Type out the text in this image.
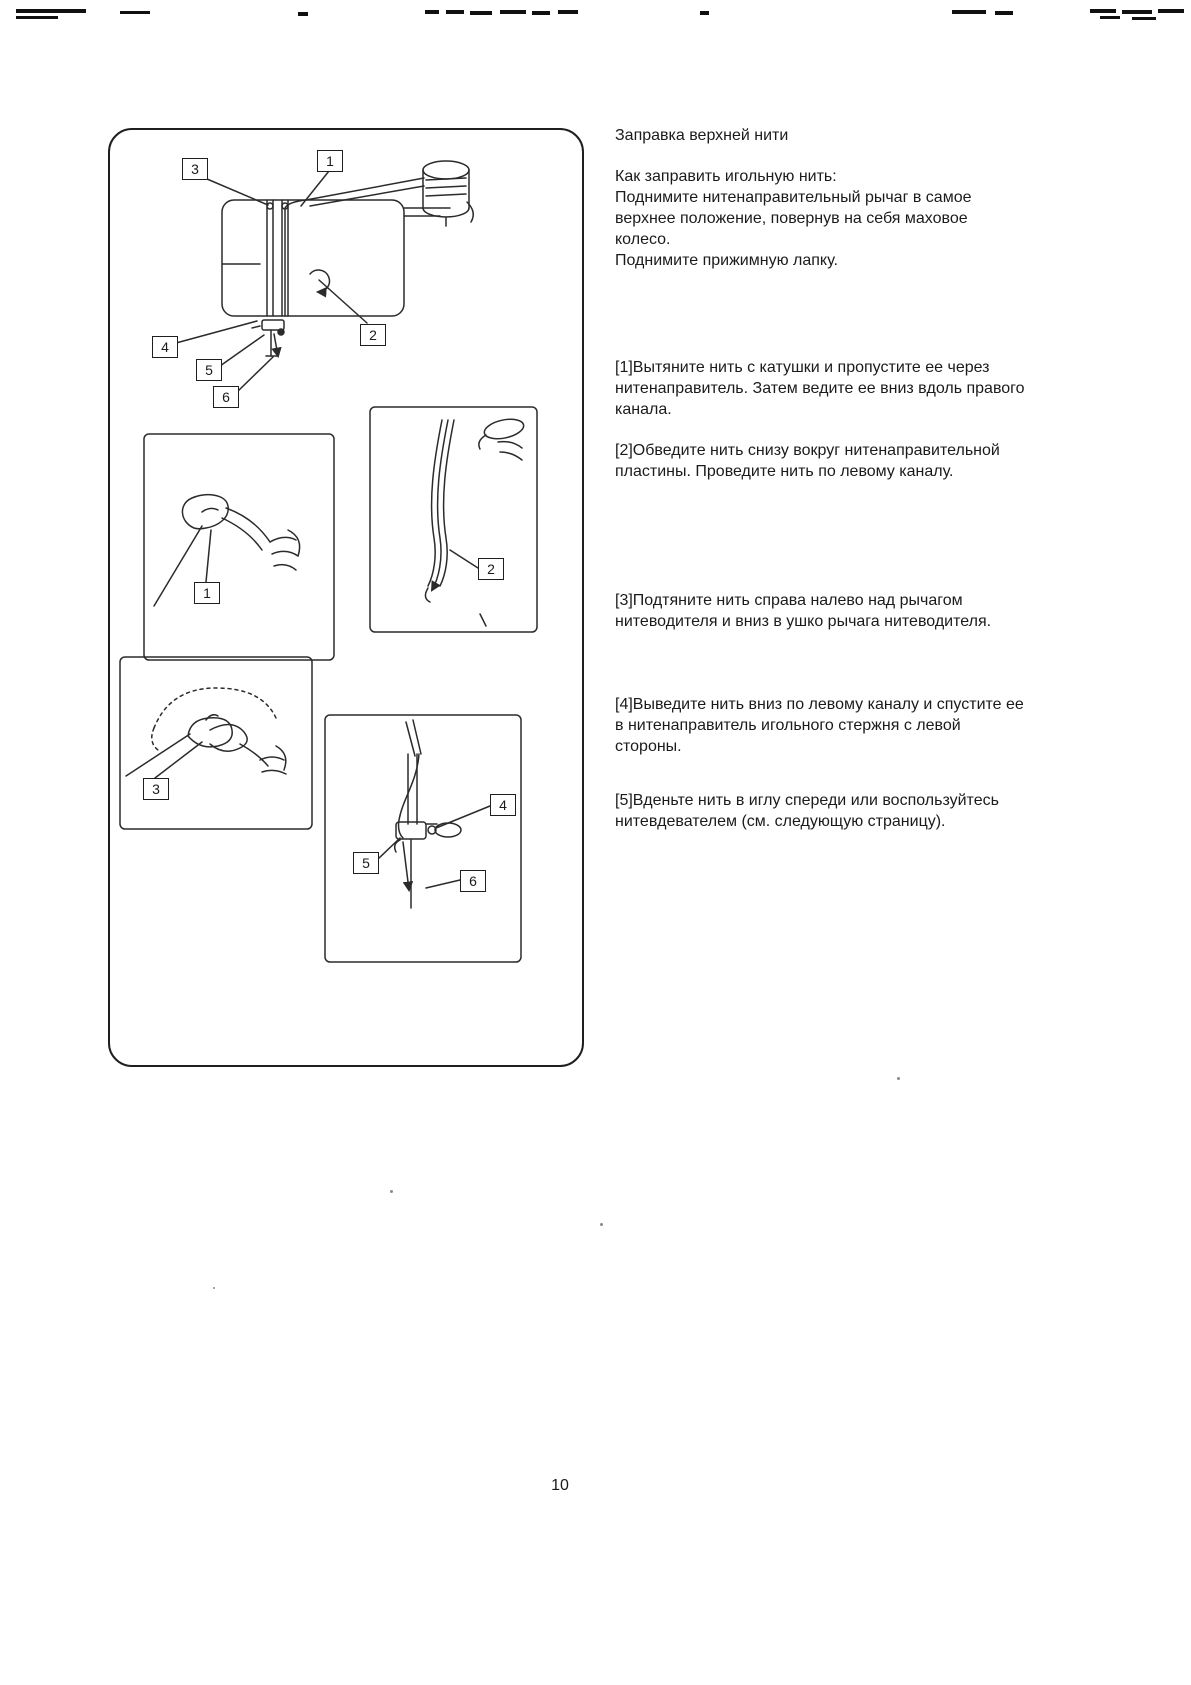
3	1
4
5
6
2
1
2
3
4
5
6
Заправка верхней нити
Как заправить игольную нить:
Поднимите нитенаправительный рычаг в самое верхнее положение, повернув на себя маховое колесо.
Поднимите прижимную лапку.
[1]Вытяните нить с катушки и пропустите ее через нитенаправитель. Затем ведите ее вниз вдоль правого канала.
[2]Обведите нить снизу вокруг нитенаправительной пластины. Проведите нить по левому каналу.
[3]Подтяните нить справа налево над рычагом нитеводителя и вниз в ушко рычага нитеводителя.
[4]Выведите нить вниз по левому каналу и спустите ее в нитенаправитель игольного стержня с левой стороны.
[5]Вденьте нить в иглу спереди или воспользуйтесь нитевдевателем (см. следующую страницу).
10
